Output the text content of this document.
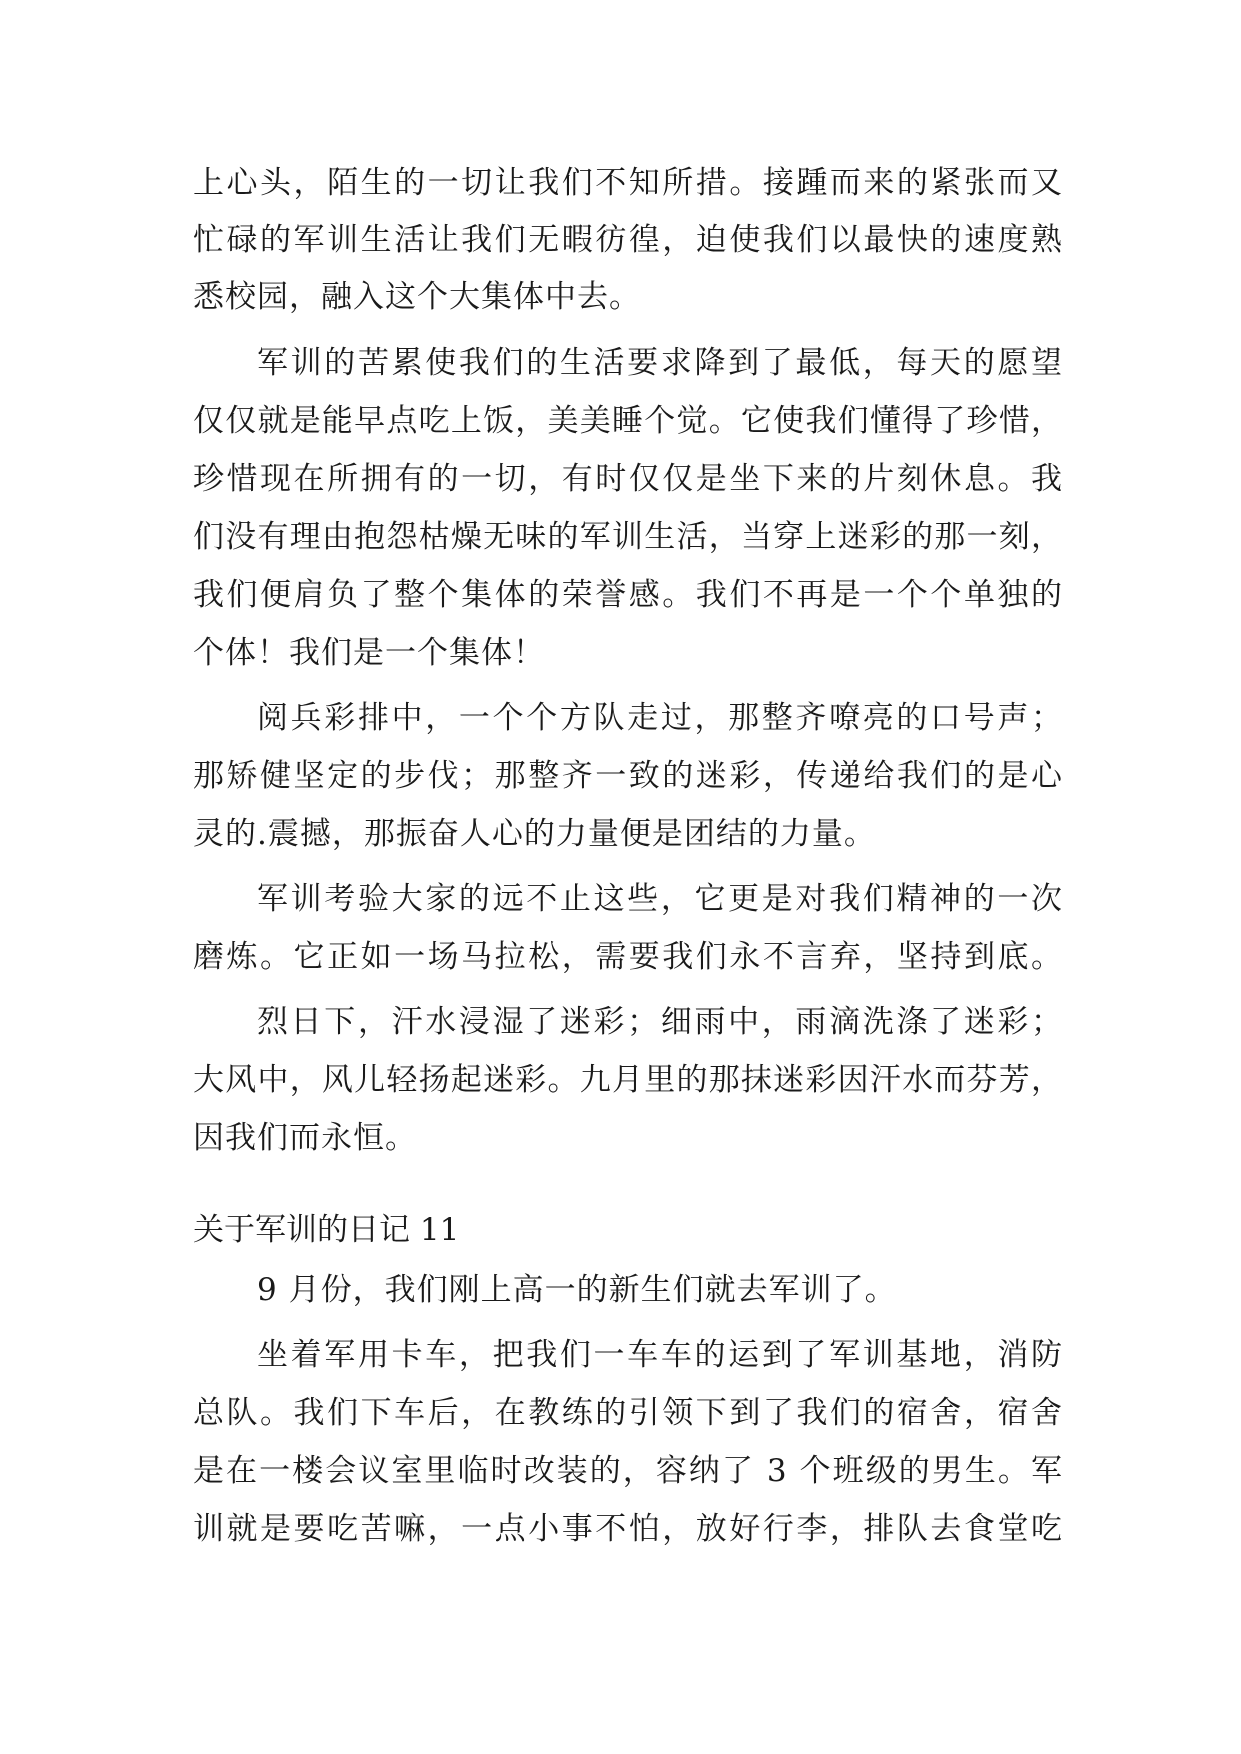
上心头，陌生的一切让我们不知所措。接踵而来的紧张而又
忙碌的军训生活让我们无暇彷徨，迫使我们以最快的速度熟
悉校园，融入这个大集体中去。
军训的苦累使我们的生活要求降到了最低，每天的愿望
仅仅就是能早点吃上饭，美美睡个觉。它使我们懂得了珍惜，
珍惜现在所拥有的一切，有时仅仅是坐下来的片刻休息。我
们没有理由抱怨枯燥无味的军训生活，当穿上迷彩的那一刻，
我们便肩负了整个集体的荣誉感。我们不再是一个个单独的
个体！我们是一个集体！
阅兵彩排中，一个个方队走过，那整齐嘹亮的口号声；
那矫健坚定的步伐；那整齐一致的迷彩，传递给我们的是心
灵的.震撼，那振奋人心的力量便是团结的力量。
军训考验大家的远不止这些，它更是对我们精神的一次
磨炼。它正如一场马拉松，需要我们永不言弃，坚持到底。
烈日下，汗水浸湿了迷彩；细雨中，雨滴洗涤了迷彩；
大风中，风儿轻扬起迷彩。九月里的那抹迷彩因汗水而芬芳，
因我们而永恒。
关于军训的日记 11
9 月份，我们刚上高一的新生们就去军训了。
坐着军用卡车，把我们一车车的运到了军训基地，消防
总队。我们下车后，在教练的引领下到了我们的宿舍，宿舍
是在一楼会议室里临时改装的，容纳了 3 个班级的男生。军
训就是要吃苦嘛，一点小事不怕，放好行李，排队去食堂吃
